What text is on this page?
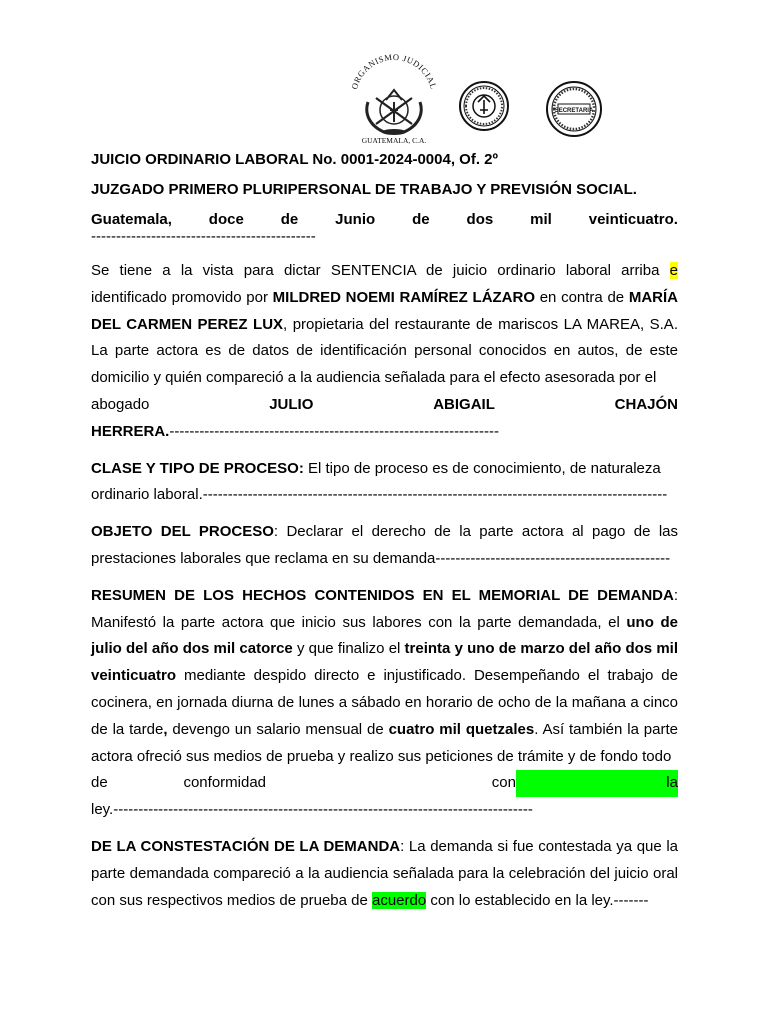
ORGANISMO JUDICIAL
GUATEMALA, C.A.
SECRETARIA
JUICIO ORDINARIO LABORAL No. 0001-2024-0004, Of. 2º
JUZGADO PRIMERO PLURIPERSONAL DE TRABAJO Y PREVISIÓN SOCIAL.
Guatemala, doce de Junio de dos mil veinticuatro.
---------------------------------------------

Se tiene a la vista para dictar SENTENCIA de juicio ordinario laboral arriba e identificado promovido por MILDRED NOEMI RAMÍREZ LÁZARO en contra de MARÍA DEL CARMEN PEREZ LUX, propietaria del restaurante de mariscos LA MAREA, S.A. La parte actora es de datos de identificación personal conocidos en autos, de este domicilio y quién compareció a la audiencia señalada para el efecto asesorada por el

abogado	JULIO	ABIGAIL	CHAJÓN

HERRERA.------------------------------------------------------------------

CLASE Y TIPO DE PROCESO: El tipo de proceso es de conocimiento, de naturaleza ordinario laboral.---------------------------------------------------------------------------------------------

OBJETO DEL PROCESO: Declarar el derecho de la parte actora al pago de las prestaciones laborales que reclama en su demanda-----------------------------------------------

RESUMEN DE LOS HECHOS CONTENIDOS EN EL MEMORIAL DE DEMANDA: Manifestó la parte actora que inicio sus labores con la parte demandada, el uno de julio del año dos mil catorce y que finalizo el treinta y uno de marzo del año dos mil veinticuatro mediante despido directo e injustificado. Desempeñando el trabajo de cocinera, en jornada diurna de lunes a sábado en horario de ocho de la mañana a cinco de la tarde, devengo un salario mensual de cuatro mil quetzales. Así también la parte actora ofreció sus medios de prueba y realizo sus peticiones de trámite y de fondo todo

de	conformidad	con	la

ley.------------------------------------------------------------------------------------

DE LA CONSTESTACIÓN DE LA DEMANDA: La demanda si fue contestada ya que la parte demandada compareció a la audiencia señalada para la celebración del juicio oral con sus respectivos medios de prueba de acuerdo con lo establecido en la ley.-------
